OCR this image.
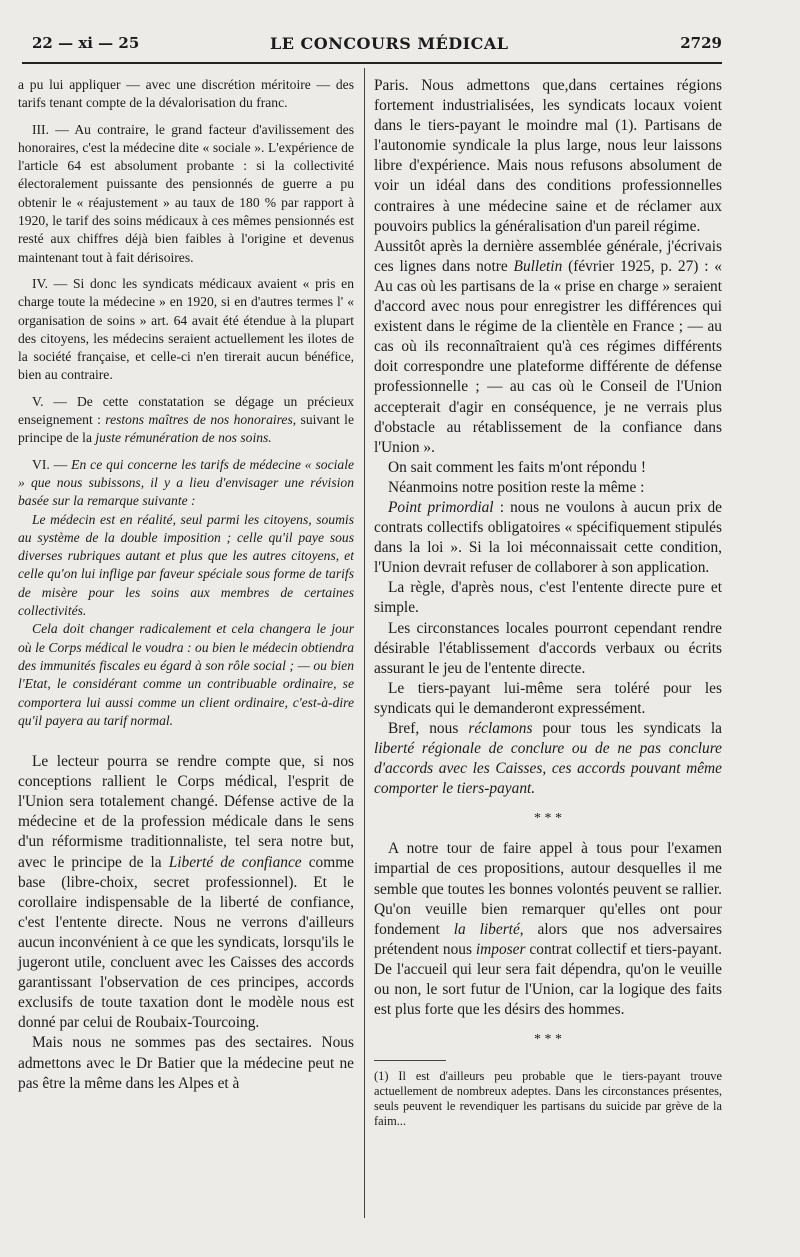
22 — xi — 25	LE CONCOURS MÉDICAL	2729

a pu lui appliquer — avec une discrétion méritoire — des tarifs tenant compte de la dévalorisation du franc.

III. — Au contraire, le grand facteur d'avilissement des honoraires, c'est la médecine dite « sociale ». L'expérience de l'article 64 est absolument probante : si la collectivité électoralement puissante des pensionnés de guerre a pu obtenir le « réajustement » au taux de 180 % par rapport à 1920, le tarif des soins médicaux à ces mêmes pensionnés est resté aux chiffres déjà bien faibles à l'origine et devenus maintenant tout à fait dérisoires.

IV. — Si donc les syndicats médicaux avaient « pris en charge toute la médecine » en 1920, si en d'autres termes l' « organisation de soins » art. 64 avait été étendue à la plupart des citoyens, les médecins seraient actuellement les ilotes de la société française, et celle-ci n'en tirerait aucun bénéfice, bien au contraire.

V. — De cette constatation se dégage un précieux enseignement : restons maîtres de nos honoraires, suivant le principe de la juste rémunération de nos soins.

VI. — En ce qui concerne les tarifs de médecine « sociale » que nous subissons, il y a lieu d'envisager une révision basée sur la remarque suivante :

Le médecin est en réalité, seul parmi les citoyens, soumis au système de la double imposition ; celle qu'il paye sous diverses rubriques autant et plus que les autres citoyens, et celle qu'on lui inflige par faveur spéciale sous forme de tarifs de misère pour les soins aux membres de certaines collectivités.

Cela doit changer radicalement et cela changera le jour où le Corps médical le voudra : ou bien le médecin obtiendra des immunités fiscales eu égard à son rôle social ; — ou bien l'Etat, le considérant comme un contribuable ordinaire, se comportera lui aussi comme un client ordinaire, c'est-à-dire qu'il payera au tarif normal.

Le lecteur pourra se rendre compte que, si nos conceptions rallient le Corps médical, l'esprit de l'Union sera totalement changé. Défense active de la médecine et de la profession médicale dans le sens d'un réformisme traditionnaliste, tel sera notre but, avec le principe de la Liberté de confiance comme base (libre-choix, secret professionnel). Et le corollaire indispensable de la liberté de confiance, c'est l'entente directe. Nous ne verrons d'ailleurs aucun inconvénient à ce que les syndicats, lorsqu'ils le jugeront utile, concluent avec les Caisses des accords garantissant l'observation de ces principes, accords exclusifs de toute taxation dont le modèle nous est donné par celui de Roubaix-Tourcoing.

Mais nous ne sommes pas des sectaires. Nous admettons avec le Dr Batier que la médecine peut ne pas être la même dans les Alpes et à

Paris. Nous admettons que,dans certaines régions fortement industrialisées, les syndicats locaux voient dans le tiers-payant le moindre mal (1). Partisans de l'autonomie syndicale la plus large, nous leur laissons libre d'expérience. Mais nous refusons absolument de voir un idéal dans des conditions professionnelles contraires à une médecine saine et de réclamer aux pouvoirs publics la généralisation d'un pareil régime.

Aussitôt après la dernière assemblée générale, j'écrivais ces lignes dans notre Bulletin (février 1925, p. 27) : « Au cas où les partisans de la « prise en charge » seraient d'accord avec nous pour enregistrer les différences qui existent dans le régime de la clientèle en France ; — au cas où ils reconnaîtraient qu'à ces régimes différents doit correspondre une plateforme différente de défense professionnelle ; — au cas où le Conseil de l'Union accepterait d'agir en conséquence, je ne verrais plus d'obstacle au rétablissement de la confiance dans l'Union ».

On sait comment les faits m'ont répondu !

Néanmoins notre position reste la même :

Point primordial : nous ne voulons à aucun prix de contrats collectifs obligatoires « spécifiquement stipulés dans la loi ». Si la loi méconnaissait cette condition, l'Union devrait refuser de collaborer à son application.

La règle, d'après nous, c'est l'entente directe pure et simple.

Les circonstances locales pourront cependant rendre désirable l'établissement d'accords verbaux ou écrits assurant le jeu de l'entente directe.

Le tiers-payant lui-même sera toléré pour les syndicats qui le demanderont expressément.

Bref, nous réclamons pour tous les syndicats la liberté régionale de conclure ou de ne pas conclure d'accords avec les Caisses, ces accords pouvant même comporter le tiers-payant.

* * *

A notre tour de faire appel à tous pour l'examen impartial de ces propositions, autour desquelles il me semble que toutes les bonnes volontés peuvent se rallier. Qu'on veuille bien remarquer qu'elles ont pour fondement la liberté, alors que nos adversaires prétendent nous imposer contrat collectif et tiers-payant. De l'accueil qui leur sera fait dépendra, qu'on le veuille ou non, le sort futur de l'Union, car la logique des faits est plus forte que les désirs des hommes.

* * *

(1) Il est d'ailleurs peu probable que le tiers-payant trouve actuellement de nombreux adeptes. Dans les circonstances présentes, seuls peuvent le revendiquer les partisans du suicide par grève de la faim...
